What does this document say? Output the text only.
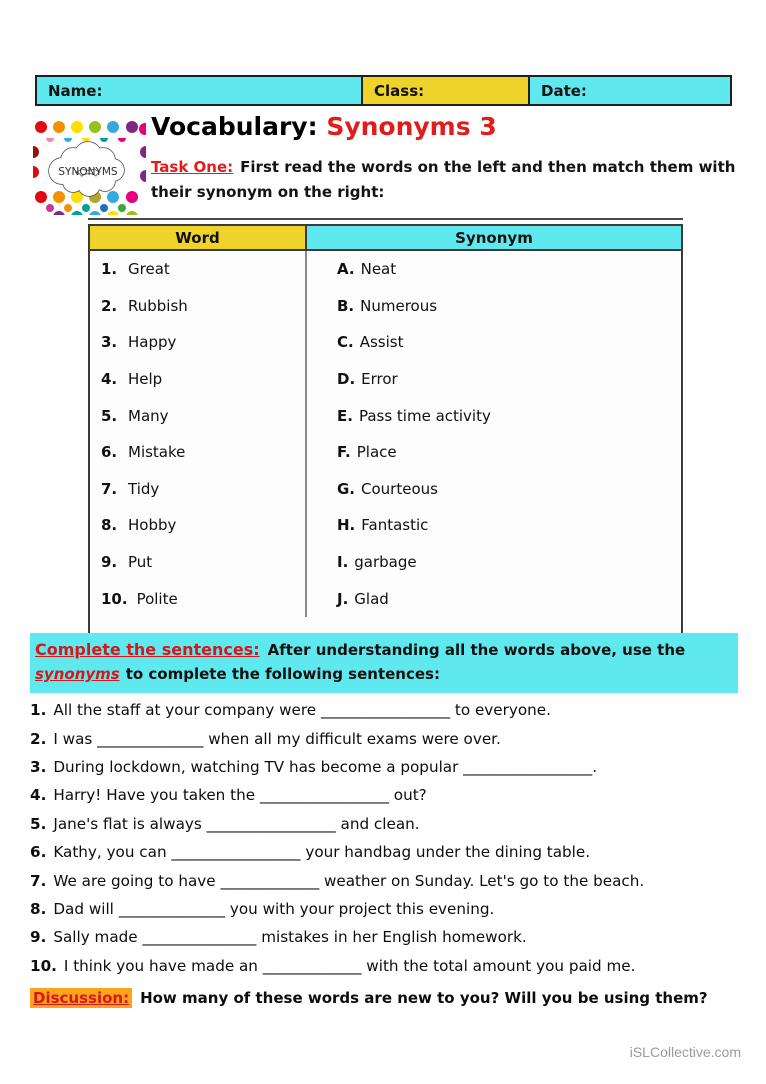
Name:	Class:	Date:
SYNONYMS
Vocabulary: Synonyms 3

Task One: First read the words on the left and then match them with their synonym on the right:

Word	Synonym
1. Great	A. Neat
2. Rubbish	B. Numerous
3. Happy	C. Assist
4. Help	D. Error
5. Many	E. Pass time activity
6. Mistake	F. Place
7. Tidy	G. Courteous
8. Hobby	H. Fantastic
9. Put	I. garbage
10. Polite	J. Glad
Complete the sentences: After understanding all the words above, use the
synonyms to complete the following sentences:
1. All the staff at your company were _________________ to everyone.
2. I was ______________ when all my difficult exams were over.
3. During lockdown, watching TV has become a popular _________________.
4. Harry! Have you taken the _________________ out?
5. Jane's flat is always _________________ and clean.
6. Kathy, you can _________________ your handbag under the dining table.
7. We are going to have _____________ weather on Sunday. Let's go to the beach.
8. Dad will ______________ you with your project this evening.
9. Sally made _______________ mistakes in her English homework.
10. I think you have made an _____________ with the total amount you paid me.
Discussion: How many of these words are new to you? Will you be using them?
iSLCollective.com
